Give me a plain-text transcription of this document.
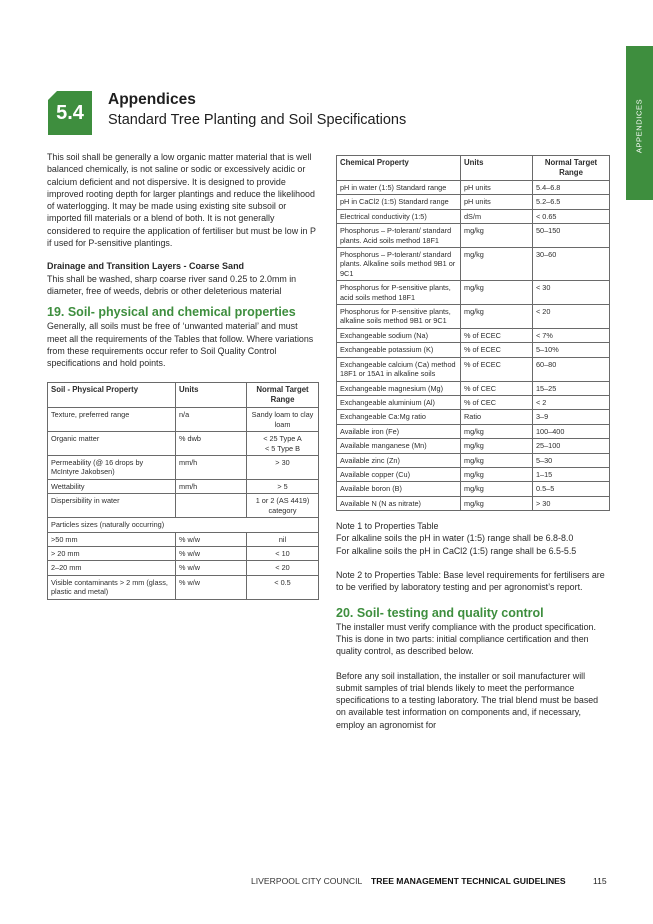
APPENDICES
5.4
Appendices
Standard Tree Planting and Soil Specifications

This soil shall be generally a low organic matter material that is well balanced chemically, is not saline or sodic or excessively acidic or calcium deficient and not dispersive. It is designed to provide improved rooting depth for larger plantings and reduce the likelihood of waterlogging. It may be made using existing site subsoil or imported fill materials or a blend of both. It is not generally considered to require the application of fertiliser but must be low in P if used for P-sensitive plantings.

Drainage and Transition Layers - Coarse Sand

This shall be washed, sharp coarse river sand 0.25 to 2.0mm in diameter, free of weeds, debris or other deleterious material

19. Soil- physical and chemical properties

Generally, all soils must be free of ‘unwanted material’ and must meet all the requirements of the Tables that follow. Where variations from these requirements occur refer to Soil Quality Control specifications and hold points.

Soil - Physical Property	Units	Normal Target Range
Texture, preferred range	n/a	Sandy loam to clay loam
Organic matter	% dwb	< 25 Type A
< 5 Type B
Permeability (@ 16 drops by McIntyre Jakobsen)	mm/h	> 30
Wettability	mm/h	> 5
Dispersibility in water		1 or 2 (AS 4419) category
Particles sizes (naturally occurring)		
>50 mm	% w/w	nil
> 20 mm	% w/w	< 10
2–20 mm	% w/w	< 20
Visible contaminants > 2 mm (glass, plastic and metal)	% w/w	< 0.5
Chemical Property	Units	Normal Target Range
pH in water (1:5) Standard range	pH units	5.4–6.8
pH in CaCl2 (1:5) Standard range	pH units	5.2–6.5
Electrical conductivity (1:5)	dS/m	< 0.65
Phosphorus – P-tolerant/ standard plants. Acid soils method 18F1	mg/kg	50–150
Phosphorus – P-tolerant/ standard plants. Alkaline soils method 9B1 or 9C1	mg/kg	30–60
Phosphorus for P-sensitive plants, acid soils method 18F1	mg/kg	< 30
Phosphorus for P-sensitive plants, alkaline soils method 9B1 or 9C1	mg/kg	< 20
Exchangeable sodium (Na)	% of ECEC	< 7%
Exchangeable potassium (K)	% of ECEC	5–10%
Exchangeable calcium (Ca) method 18F1 or 15A1 in alkaline soils	% of ECEC	60–80
Exchangeable magnesium (Mg)	% of CEC	15–25
Exchangeable aluminium (Al)	% of CEC	< 2
Exchangeable Ca:Mg ratio	Ratio	3–9
Available iron (Fe)	mg/kg	100–400
Available manganese (Mn)	mg/kg	25–100
Available zinc (Zn)	mg/kg	5–30
Available copper (Cu)	mg/kg	1–15
Available boron (B)	mg/kg	0.5–5
Available N (N as nitrate)	mg/kg	> 30

Note 1 to Properties Table

For alkaline soils the pH in water (1:5) range shall be 6.8-8.0

For alkaline soils the pH in CaCl2 (1:5) range shall be 6.5-5.5

Note 2 to Properties Table: Base level requirements for fertilisers are to be verified by laboratory testing and per agronomist’s report.

20. Soil- testing and quality control

The installer must verify compliance with the product specification. This is done in two parts: initial compliance certification and then quality control, as described below.

Before any soil installation, the installer or soil manufacturer will submit samples of trial blends likely to meet the performance specifications to a testing laboratory. The trial blend must be based on available test information on components and, if necessary, employ an agronomist for

LIVERPOOL CITY COUNCIL TREE MANAGEMENT TECHNICAL GUIDELINES	115
